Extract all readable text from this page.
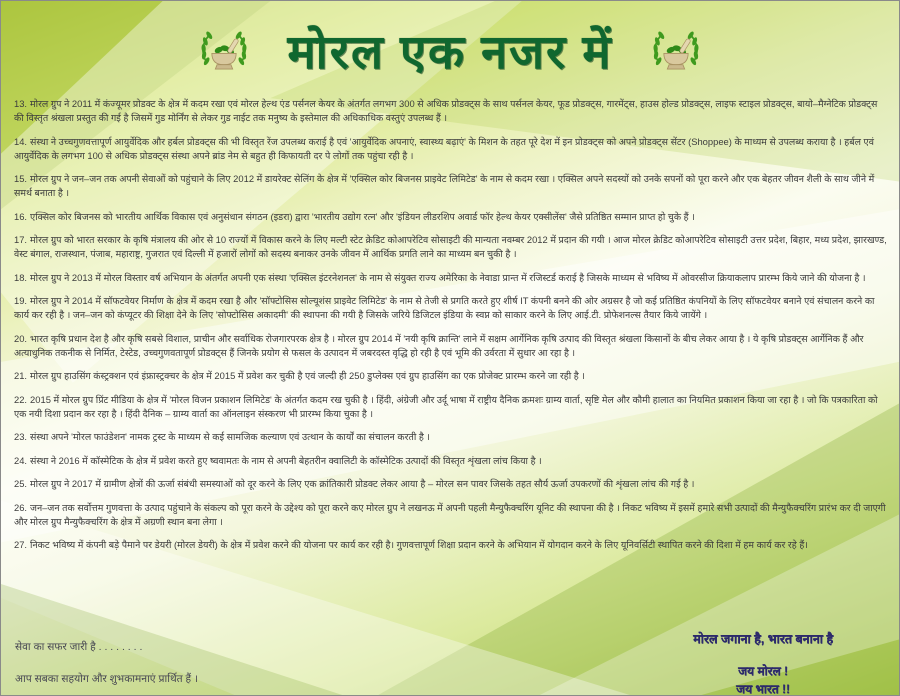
मोरल एक नजर में

13. मोरल ग्रुप ने 2011 में कंज्यूमर प्रोडक्ट के क्षेत्र में कदम रखा एवं मोरल हेल्थ एंड पर्सनल केयर के अंतर्गत लगभग 300 से अधिक प्रोडक्ट्स के साथ पर्सनल केयर, फूड प्रोडक्ट्स, गारमेंट्स, हाउस होल्ड प्रोडक्ट्स, लाइफ स्टाइल प्रोडक्ट्स, बायो–मैग्नेटिक प्रोडक्ट्स की विस्तृत श्रंखला प्रस्तुत की गई है जिसमें गुड मोर्निंग से लेकर गुड नाईट तक मनुष्य के इस्तेमाल की अधिकाधिक वस्तुएं उपलब्ध हैं ।

14. संस्था ने उच्चगुणवत्तापूर्ण आयुर्वेदिक और हर्बल प्रोडक्ट्स की भी विस्तृत रेंज उपलब्ध कराई है एवं 'आयुर्वेदिक अपनाएं, स्वास्थ्य बढ़ाएं' के मिशन के तहत पूरे देश में इन प्रोडक्ट्स को अपने प्रोडक्ट्स सेंटर (Shoppee) के माध्यम से उपलब्ध कराया है । हर्बल एवं आयुर्वेदिक के लगभग 100 से अधिक प्रोडक्ट्स संस्था अपने ब्रांड नेम से बहुत ही किफायती दर पे लोगों तक पहुंचा रही है ।

15. मोरल ग्रुप ने जन–जन तक अपनी सेवाओं को पहुंचाने के लिए 2012 में डायरेक्ट सेलिंग के क्षेत्र में 'एक्सिल कोर बिजनस प्राइवेट लिमिटेड' के नाम से कदम रखा । एक्सिल अपने सदस्यों को उनके सपनों को पूरा करने और एक बेहतर जीवन शैली के साथ जीने में समर्थ बनाता है ।

16. एक्सिल कोर बिजनस को भारतीय आर्थिक विकास एवं अनुसंधान संगठन (इडरा) द्वारा 'भारतीय उद्योग रत्न' और 'इंडियन लीडरशिप अवार्ड फॉर हेल्थ केयर एक्सीलेंस' जैसे प्रतिष्ठित सम्मान प्राप्त हो चुके हैं ।

17. मोरल ग्रुप को भारत सरकार के कृषि मंत्रालय की ओर से 10 राज्यों में विकास करने के लिए मल्टी स्टेट क्रेडिट कोआपरेटिव सोसाइटी की मान्यता नवम्बर 2012 में प्रदान की गयी । आज मोरल क्रेडिट कोआपरेटिव सोसाइटी उत्तर प्रदेश, बिहार, मध्य प्रदेश, झारखण्ड, वेस्ट बंगाल, राजस्थान, पंजाब, महाराष्ट्र, गुजरात एवं दिल्ली में हजारों लोगों को सदस्य बनाकर उनके जीवन में आर्थिक प्रगति लाने का माध्यम बन चुकी है ।

18. मोरल ग्रुप ने 2013 में मोरल विस्तार वर्ष अभियान के अंतर्गत अपनी एक संस्था 'एक्सिल इंटरनेशनल' के नाम से संयुक्त राज्य अमेरिका के नेवाडा प्रान्त में रजिस्टर्ड कराई है जिसके माध्यम से भविष्य में ओवरसीज क्रियाकलाप प्रारम्भ किये जाने की योजना है ।

19. मोरल ग्रुप ने 2014 में सॉफटवेयर निर्माण के क्षेत्र में कदम रखा है और 'सॉफ्टोसिस सोल्यूशंस प्राइवेट लिमिटेड' के नाम से तेजी से प्रगति करते हुए शीर्ष IT कंपनी बनने की ओर अग्रसर है जो कई प्रतिष्ठित कंपनियों के लिए सॉफटवेयर बनाने एवं संचालन करने का कार्य कर रही है । जन–जन को कंप्यूटर की शिक्षा देने के लिए 'सोफ्टोसिस अकादमी' की स्थापना की गयी है जिसके जरिये डिजिटल इंडिया के स्वप्न को साकार करने के लिए आई.टी. प्रोफेशनल्स तैयार किये जायेंगे ।

20. भारत कृषि प्रधान देश है और कृषि सबसे विशाल, प्राचीन और सर्वाधिक रोजगारपरक क्षेत्र है । मोरल ग्रुप 2014 में 'नयी कृषि क्रान्ति' लाने में सक्षम आर्गेनिक कृषि उत्पाद की विस्तृत श्रंखला किसानों के बीच लेकर आया है । ये कृषि प्रोडक्ट्स आर्गेनिक हैं और अत्याधुनिक तकनीक से निर्मित, टेस्टेड, उच्चगुणवतापूर्ण प्रोडक्ट्स हैं जिनके प्रयोग से फसल के उत्पादन में जबरदस्त वृद्धि हो रही है एवं भूमि की उर्वरता में सुधार आ रहा है ।

21. मोरल ग्रुप हाउसिंग कंस्ट्रक्शन एवं इंफ्रास्ट्रक्चर के क्षेत्र में 2015 में प्रवेश कर चुकी है एवं जल्दी ही 250 डुप्लेक्स एवं ग्रुप हाउसिंग का एक प्रोजेक्ट प्रारम्भ करने जा रही है ।

22. 2015 में मोरल ग्रुप प्रिंट मीडिया के क्षेत्र में 'मोरल विजन प्रकाशन लिमिटेड' के अंतर्गत कदम रख चुकी है । हिंदी, अंग्रेजी और उर्दू भाषा में राष्ट्रीय दैनिक क्रमशः ग्राम्य वार्ता, सृष्टि मेल और कौमी हालात का नियमित प्रकाशन किया जा रहा है । जो कि पत्रकारिता को एक नयी दिशा प्रदान कर रहा है । हिंदी दैनिक – ग्राम्य वार्ता का ऑनलाइन संस्करण भी प्रारम्भ किया चुका है ।

23. संस्था अपने 'मोरल फाउंडेशन' नामक ट्रस्ट के माध्यम से कई सामजिक कल्याण एवं उत्थान के कार्यों का संचालन करती है ।

24. संस्था ने 2016 में कॉस्मेटिक के क्षेत्र में प्रवेश करते हुए ष्ववामतः के नाम से अपनी बेहतरीन क्वालिटी के कॉस्मेटिक उत्पादों की विस्तृत शृंखला लांच किया है ।

25. मोरल ग्रुप ने 2017 में ग्रामीण क्षेत्रों की ऊर्जा संबंधी समस्याओं को दूर करने के लिए एक क्रांतिकारी प्रोडक्ट लेकर आया है – मोरल सन पावर जिसके तहत सौर्य ऊर्जा उपकरणों की शृंखला लांच की गई है ।

26. जन–जन तक सर्वोत्तम गुणवत्ता के उत्पाद पहुंचाने के संकल्प को पूरा करने के उद्देश्य को पूरा करने कए मोरल ग्रुप ने लखनऊ में अपनी पहली मैन्युफैक्चरिंग यूनिट की स्थापना की है । निकट भविष्य में इसमें हमारे सभी उत्पादों की मैन्युफैक्चरिंग प्रारंभ कर दी जाएगी और मोरल ग्रुप मैन्युफैक्चरिंग के क्षेत्र में अग्रणी स्थान बना लेगा ।

27. निकट भविष्य में कंपनी बड़े पैमाने पर डेयरी (मोरल डेयरी) के क्षेत्र में प्रवेश करने की योजना पर कार्य कर रही है। गुणवत्तापूर्ण शिक्षा प्रदान करने के अभियान में योगदान करने के लिए यूनिवर्सिटी स्थापित करने की दिशा में हम कार्य कर रहे हैं।

सेवा का सफर जारी है . . . . . . . .
आप सबका सहयोग और शुभकामनाएं प्रार्थित हैं ।
मोरल जगाना है, भारत बनाना है
जय मोरल !
जय भारत !!
